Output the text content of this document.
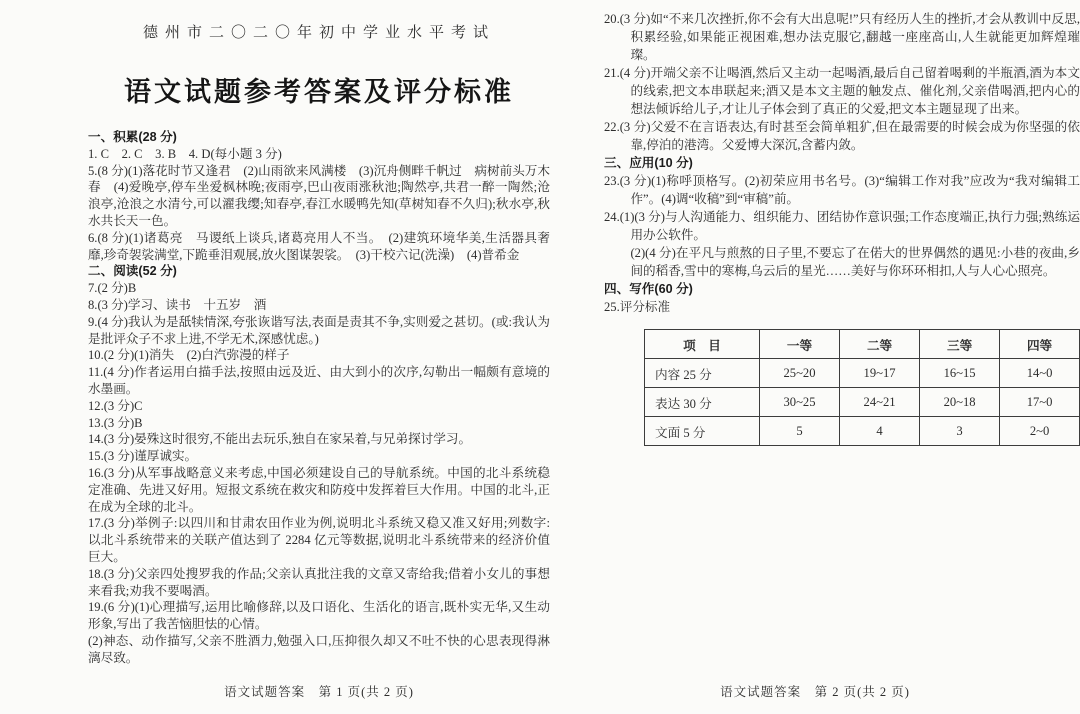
德州市二〇二〇年初中学业水平考试

语文试题参考答案及评分标准

一、积累(28 分)

1. C　2. C　3. B　4. D(每小题 3 分)

5.(8 分)(1)落花时节又逢君　(2)山雨欲来风满楼　(3)沉舟侧畔千帆过　病树前头万木春　(4)爱晚亭,停车坐爱枫林晚;夜雨亭,巴山夜雨涨秋池;陶然亭,共君一醉一陶然;沧浪亭,沧浪之水清兮,可以濯我缨;知春亭,春江水暖鸭先知(草树知春不久归);秋水亭,秋水共长天一色。

6.(8 分)(1)诸葛亮　马谡纸上谈兵,诸葛亮用人不当。　(2)建筑环境华美,生活器具奢靡,珍奇袈裟满堂,下跪垂泪观展,放火图谋袈裟。　(3)干校六记(洗澡)　(4)普希金

二、阅读(52 分)

7.(2 分)B

8.(3 分)学习、读书　十五岁　酒

9.(4 分)我认为是舐犊情深,夸张诙谐写法,表面是责其不争,实则爱之甚切。(或:我认为是批评众子不求上进,不学无术,深感忧虑。)

10.(2 分)(1)消失　(2)白汽弥漫的样子

11.(4 分)作者运用白描手法,按照由远及近、由大到小的次序,勾勒出一幅颇有意境的水墨画。

12.(3 分)C

13.(3 分)B

14.(3 分)晏殊这时很穷,不能出去玩乐,独自在家呆着,与兄弟探讨学习。

15.(3 分)谨厚诚实。

16.(3 分)从军事战略意义来考虑,中国必须建设自己的导航系统。中国的北斗系统稳定准确、先进又好用。短报文系统在救灾和防疫中发挥着巨大作用。中国的北斗,正在成为全球的北斗。

17.(3 分)举例子:以四川和甘肃农田作业为例,说明北斗系统又稳又准又好用;列数字:以北斗系统带来的关联产值达到了 2284 亿元等数据,说明北斗系统带来的经济价值巨大。

18.(3 分)父亲四处搜罗我的作品;父亲认真批注我的文章又寄给我;借着小女儿的事想来看我;劝我不要喝酒。

19.(6 分)(1)心理描写,运用比喻修辞,以及口语化、生活化的语言,既朴实无华,又生动形象,写出了我苦恼胆怯的心情。

(2)神态、动作描写,父亲不胜酒力,勉强入口,压抑很久却又不吐不快的心思表现得淋漓尽致。

20.(3 分)如“不来几次挫折,你不会有大出息呢!”只有经历人生的挫折,才会从教训中反思,积累经验,如果能正视困难,想办法克服它,翻越一座座高山,人生就能更加辉煌璀璨。

21.(4 分)开端父亲不让喝酒,然后又主动一起喝酒,最后自己留着喝剩的半瓶酒,酒为本文的线索,把文本串联起来;酒又是本文主题的触发点、催化剂,父亲借喝酒,把内心的想法倾诉给儿子,才让儿子体会到了真正的父爱,把文本主题显现了出来。

22.(3 分)父爱不在言语表达,有时甚至会简单粗犷,但在最需要的时候会成为你坚强的依靠,停泊的港湾。父爱博大深沉,含蓄内敛。

三、应用(10 分)

23.(3 分)(1)称呼顶格写。(2)初荣应用书名号。(3)“编辑工作对我”应改为“我对编辑工作”。(4)调“收稿”到“审稿”前。

24.(1)(3 分)与人沟通能力、组织能力、团结协作意识强;工作态度端正,执行力强;熟练运用办公软件。

(2)(4 分)在平凡与煎熬的日子里,不要忘了在偌大的世界偶然的遇见:小巷的夜曲,乡间的稻香,雪中的寒梅,乌云后的星光……美好与你环环相扣,人与人心心照亮。

四、写作(60 分)

25.评分标准

项　目	一等	二等	三等	四等
内容 25 分	25~20	19~17	16~15	14~0
表达 30 分	30~25	24~21	20~18	17~0
文面 5 分	5	4	3	2~0
语文试题答案　第 1 页(共 2 页)	语文试题答案　第 2 页(共 2 页)
